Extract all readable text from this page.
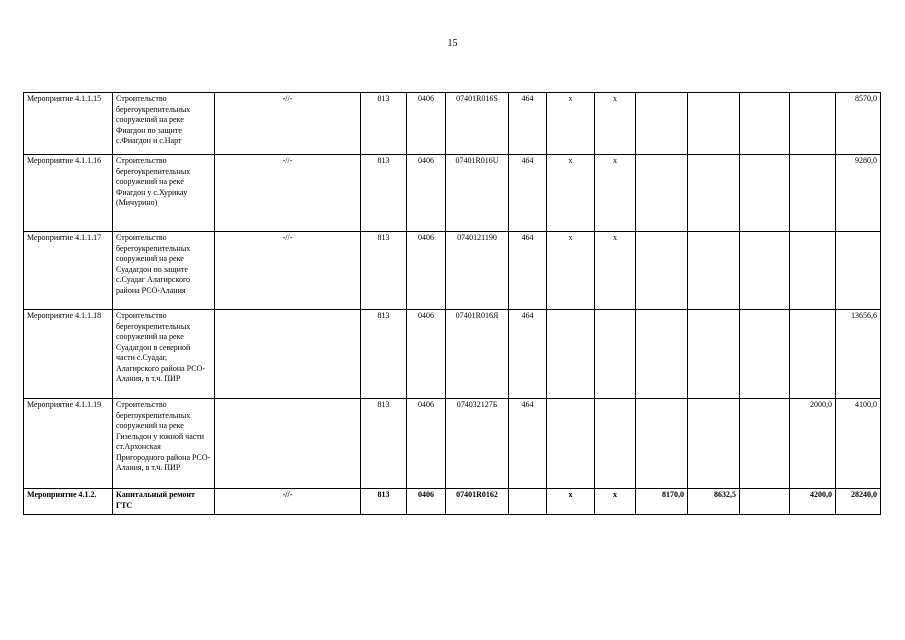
15
Мероприятие 4.1.1.15	Строительство берегоукрепительных сооружений на реке Фиагдон по защите с.Фиагдон и с.Нарт	-//-	813	0406	07401R016S	464	х	х					8570,0
Мероприятие 4.1.1.16	Строительство берегоукрепительных сооружений на реке Фиагдон у с.Хурикау (Мичурино)	-//-	813	0406	07401R016U	464	х	х					9280,0
Мероприятие 4.1.1.17	Строительство берегоукрепительных сооружений на реке Суадагдон по защите с.Суадаг Алагирского района РСО-Алания	-//-	813	0406	0740121190	464	х	х					
Мероприятие 4.1.1.18	Строительство берегоукрепительных сооружений на реке Суадагдон в северной части с.Суадаг, Алагирского района РСО-Алания, в т.ч. ПИР		813	0406	07401R016Я	464							13656,6
Мероприятие 4.1.1.19	Строительство берегоукрепительных сооружений на реке Гизельдон у южной части ст.Архонская Пригородного района РСО-Алания, в т.ч. ПИР		813	0406	074032127Б	464						2000,0	4100,0
Мероприятие 4.1.2.	Капитальный ремонт ГТС	-//-	813	0406	07401R0162		х	х	8170,0	8632,5		4200,0	28240,0
